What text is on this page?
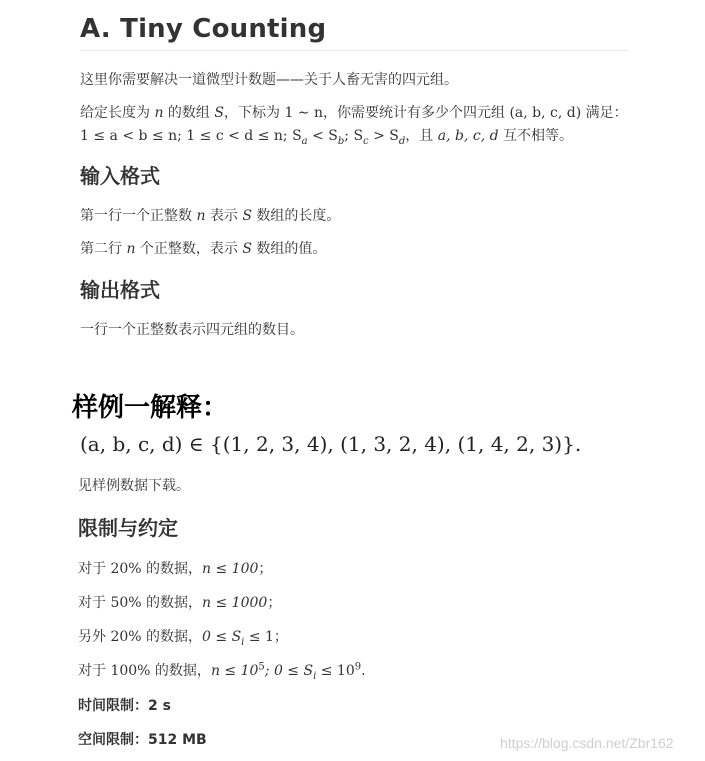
A. Tiny Counting
这里你需要解决一道微型计数题——关于人畜无害的四元组。
给定长度为 n 的数组 S，下标为 1 ∼ n，你需要统计有多少个四元组 (a, b, c, d) 满足：
1 ≤ a < b ≤ n; 1 ≤ c < d ≤ n; $S_a < S_b$; $S_c > S_d$，且 a, b, c, d 互不相等。
输入格式
第一行一个正整数 n 表示 S 数组的长度。
第二行 n 个正整数，表示 S 数组的值。
输出格式
一行一个正整数表示四元组的数目。
样例一解释：
(a, b, c, d) ∈ {(1, 2, 3, 4), (1, 3, 2, 4), (1, 4, 2, 3)}.
见样例数据下载。
限制与约定
对于 20% 的数据，n ≤ 100；
对于 50% 的数据，n ≤ 1000；
另外 20% 的数据，$0 \le S_i \le 1$；
对于 100% 的数据，$n \le 10^5$; $0 \le S_i \le 10^9$.
时间限制：2 s
空间限制：512 MB	https://blog.csdn.net/Zbr162
